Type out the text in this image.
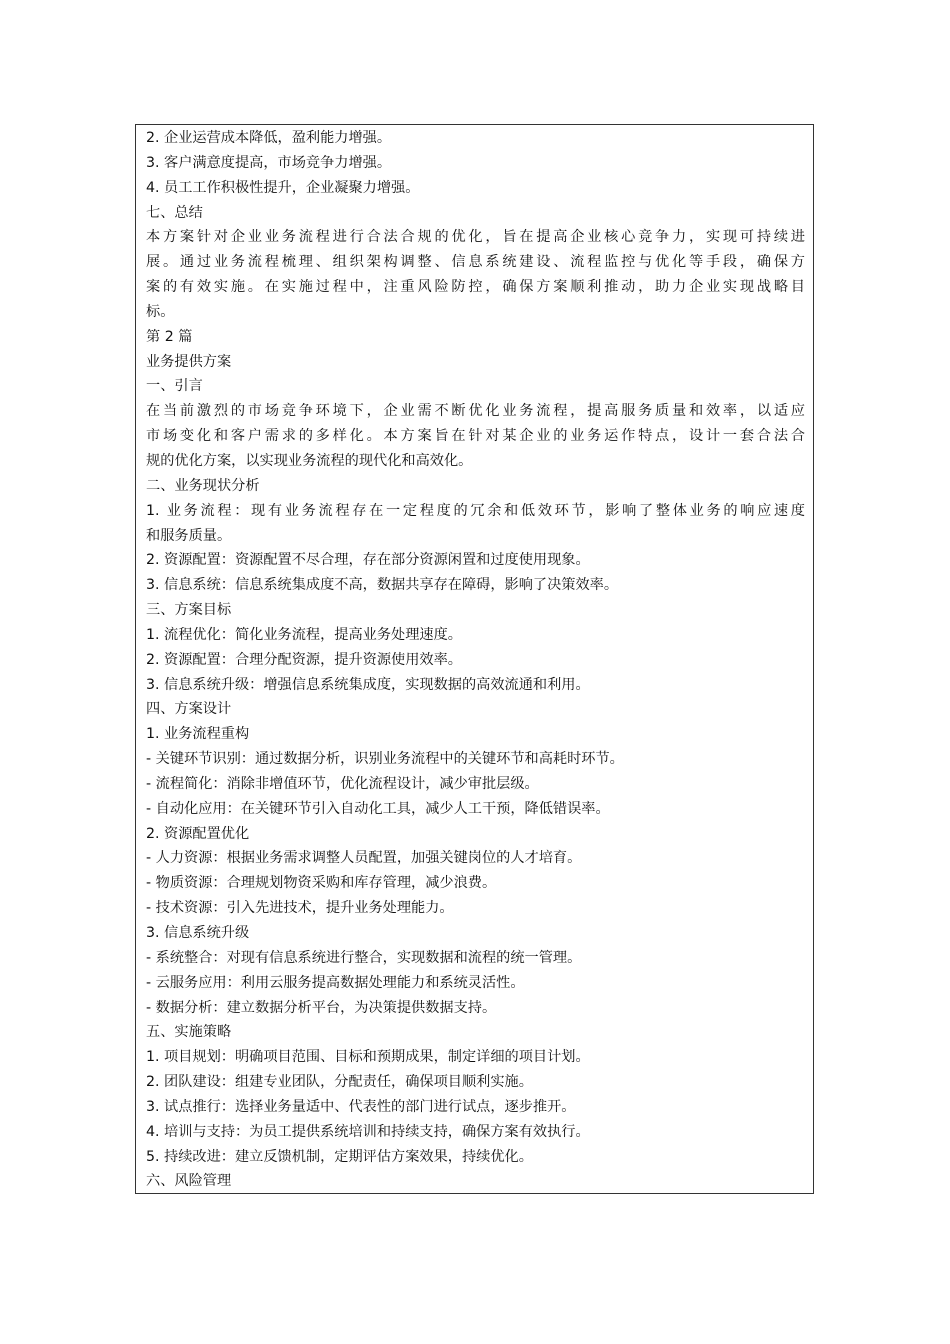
2. 企业运营成本降低，盈利能力增强。

3. 客户满意度提高，市场竞争力增强。

4. 员工工作积极性提升，企业凝聚力增强。

七、总结

本方案针对企业业务流程进行合法合规的优化，旨在提高企业核心竞争力，实现可持续进

展。通过业务流程梳理、组织架构调整、信息系统建设、流程监控与优化等手段，确保方

案的有效实施。在实施过程中，注重风险防控，确保方案顺利推动，助力企业实现战略目

标。

第 2 篇

业务提供方案

一、引言

在当前激烈的市场竞争环境下，企业需不断优化业务流程，提高服务质量和效率，以适应

市场变化和客户需求的多样化。本方案旨在针对某企业的业务运作特点，设计一套合法合

规的优化方案，以实现业务流程的现代化和高效化。

二、业务现状分析

1. 业务流程：现有业务流程存在一定程度的冗余和低效环节，影响了整体业务的响应速度

和服务质量。

2. 资源配置：资源配置不尽合理，存在部分资源闲置和过度使用现象。

3. 信息系统：信息系统集成度不高，数据共享存在障碍，影响了决策效率。

三、方案目标

1. 流程优化：简化业务流程，提高业务处理速度。

2. 资源配置：合理分配资源，提升资源使用效率。

3. 信息系统升级：增强信息系统集成度，实现数据的高效流通和利用。

四、方案设计

1. 业务流程重构

- 关键环节识别：通过数据分析，识别业务流程中的关键环节和高耗时环节。

- 流程简化：消除非增值环节，优化流程设计，减少审批层级。

- 自动化应用：在关键环节引入自动化工具，减少人工干预，降低错误率。

2. 资源配置优化

- 人力资源：根据业务需求调整人员配置，加强关键岗位的人才培育。

- 物质资源：合理规划物资采购和库存管理，减少浪费。

- 技术资源：引入先进技术，提升业务处理能力。

3. 信息系统升级

- 系统整合：对现有信息系统进行整合，实现数据和流程的统一管理。

- 云服务应用：利用云服务提高数据处理能力和系统灵活性。

- 数据分析：建立数据分析平台，为决策提供数据支持。

五、实施策略

1. 项目规划：明确项目范围、目标和预期成果，制定详细的项目计划。

2. 团队建设：组建专业团队，分配责任，确保项目顺利实施。

3. 试点推行：选择业务量适中、代表性的部门进行试点，逐步推开。

4. 培训与支持：为员工提供系统培训和持续支持，确保方案有效执行。

5. 持续改进：建立反馈机制，定期评估方案效果，持续优化。

六、风险管理
